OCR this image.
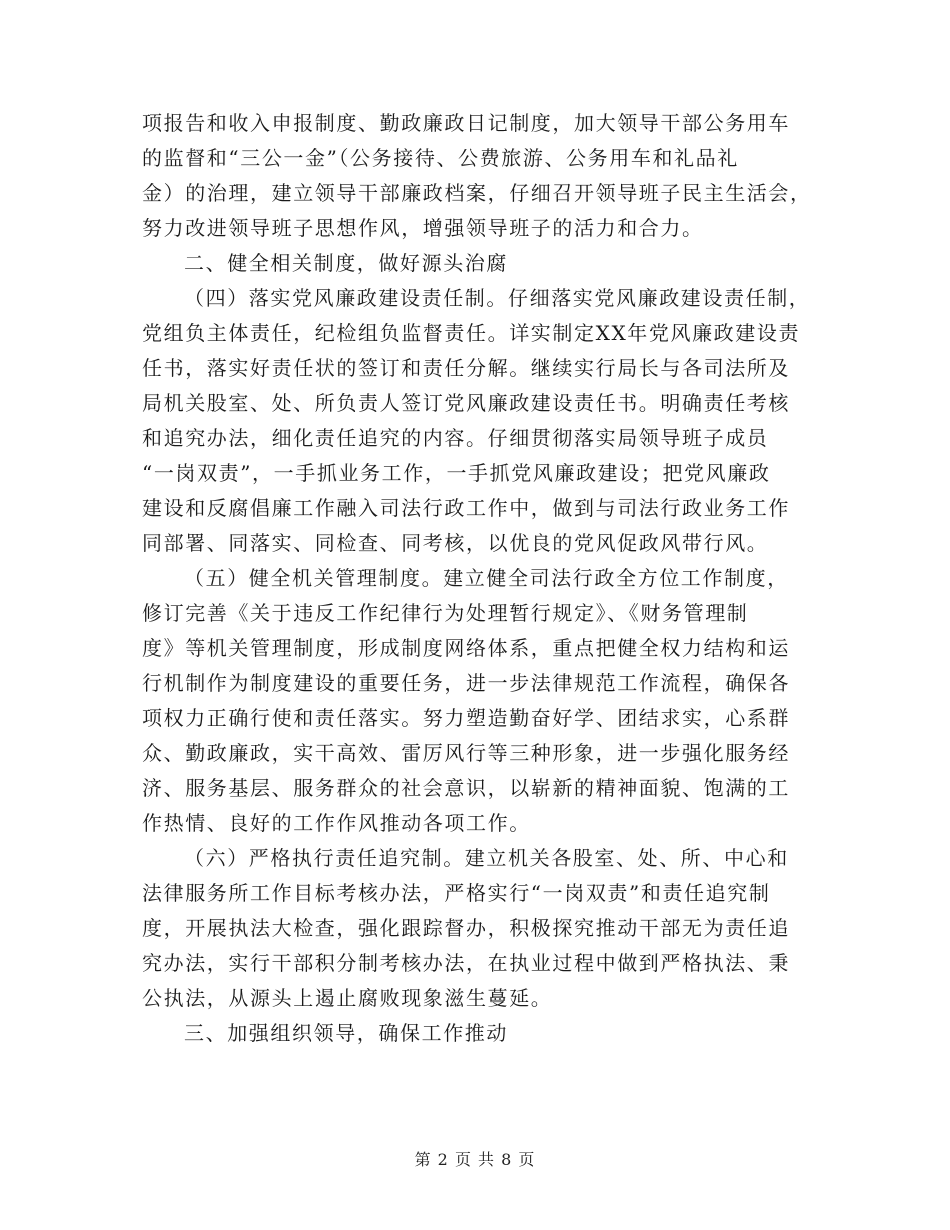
项报告和收入申报制度、勤政廉政日记制度，加大领导干部公务用车
的监督和“三公一金”（公务接待、公费旅游、公务用车和礼品礼
金）的治理，建立领导干部廉政档案，仔细召开领导班子民主生活会，
努力改进领导班子思想作风，增强领导班子的活力和合力。
二、健全相关制度，做好源头治腐
（四）落实党风廉政建设责任制。仔细落实党风廉政建设责任制，
党组负主体责任，纪检组负监督责任。详实制定XX年党风廉政建设责
任书，落实好责任状的签订和责任分解。继续实行局长与各司法所及
局机关股室、处、所负责人签订党风廉政建设责任书。明确责任考核
和追究办法，细化责任追究的内容。仔细贯彻落实局领导班子成员
“一岗双责”，一手抓业务工作，一手抓党风廉政建设；把党风廉政
建设和反腐倡廉工作融入司法行政工作中，做到与司法行政业务工作
同部署、同落实、同检查、同考核，以优良的党风促政风带行风。
（五）健全机关管理制度。建立健全司法行政全方位工作制度，
修订完善《关于违反工作纪律行为处理暂行规定》、《财务管理制
度》等机关管理制度，形成制度网络体系，重点把健全权力结构和运
行机制作为制度建设的重要任务，进一步法律规范工作流程，确保各
项权力正确行使和责任落实。努力塑造勤奋好学、团结求实，心系群
众、勤政廉政，实干高效、雷厉风行等三种形象，进一步强化服务经
济、服务基层、服务群众的社会意识，以崭新的精神面貌、饱满的工
作热情、良好的工作作风推动各项工作。
（六）严格执行责任追究制。建立机关各股室、处、所、中心和
法律服务所工作目标考核办法，严格实行“一岗双责”和责任追究制
度，开展执法大检查，强化跟踪督办，积极探究推动干部无为责任追
究办法，实行干部积分制考核办法，在执业过程中做到严格执法、秉
公执法，从源头上遏止腐败现象滋生蔓延。
三、加强组织领导，确保工作推动
第 2 页 共 8 页
